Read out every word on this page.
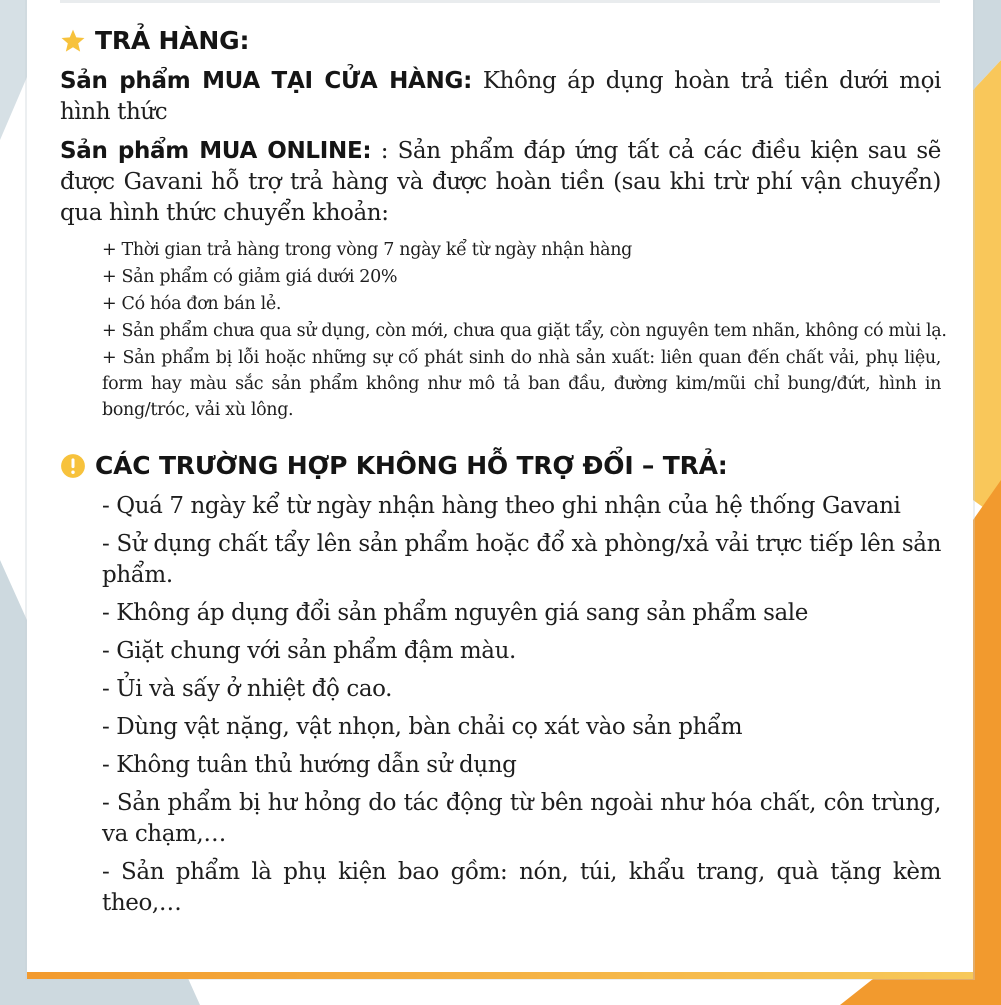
TRẢ HÀNG:
Sản phẩm MUA TẠI CỬA HÀNG: Không áp dụng hoàn trả tiền dưới mọi hình thức
Sản phẩm MUA ONLINE: : Sản phẩm đáp ứng tất cả các điều kiện sau sẽ được Gavani hỗ trợ trả hàng và được hoàn tiền (sau khi trừ phí vận chuyển) qua hình thức chuyển khoản:
+ Thời gian trả hàng trong vòng 7 ngày kể từ ngày nhận hàng
+ Sản phẩm có giảm giá dưới 20%
+ Có hóa đơn bán lẻ.
+ Sản phẩm chưa qua sử dụng, còn mới, chưa qua giặt tẩy, còn nguyên tem nhãn, không có mùi lạ.
+ Sản phẩm bị lỗi hoặc những sự cố phát sinh do nhà sản xuất: liên quan đến chất vải, phụ liệu, form hay màu sắc sản phẩm không như mô tả ban đầu, đường kim/mũi chỉ bung/đứt, hình in bong/tróc, vải xù lông.
CÁC TRƯỜNG HỢP KHÔNG HỖ TRỢ ĐỔI – TRẢ:
- Quá 7 ngày kể từ ngày nhận hàng theo ghi nhận của hệ thống Gavani
- Sử dụng chất tẩy lên sản phẩm hoặc đổ xà phòng/xả vải trực tiếp lên sản phẩm.
- Không áp dụng đổi sản phẩm nguyên giá sang sản phẩm sale
- Giặt chung với sản phẩm đậm màu.
- Ủi và sấy ở nhiệt độ cao.
- Dùng vật nặng, vật nhọn, bàn chải cọ xát vào sản phẩm
- Không tuân thủ hướng dẫn sử dụng
- Sản phẩm bị hư hỏng do tác động từ bên ngoài như hóa chất, côn trùng, va chạm,…
- Sản phẩm là phụ kiện bao gồm: nón, túi, khẩu trang, quà tặng kèm theo,…
